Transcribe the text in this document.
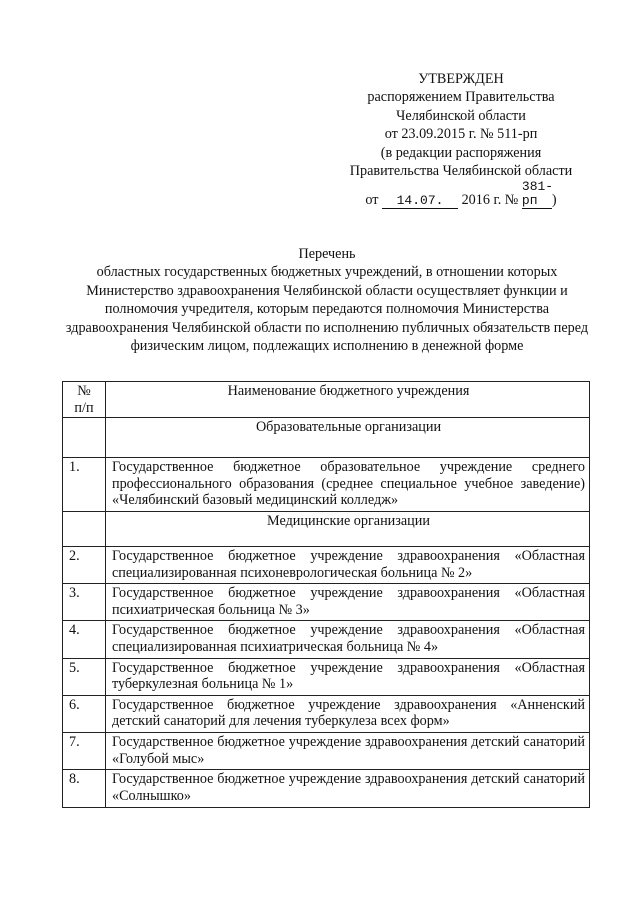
УТВЕРЖДЕН
распоряжением Правительства
Челябинской области
от 23.09.2015 г. № 511-рп
(в редакции распоряжения
Правительства Челябинской области
от 14.07. 2016 г. № 381-рп )
Перечень
областных государственных бюджетных учреждений, в отношении которых Министерство здравоохранения Челябинской области осуществляет функции и полномочия учредителя, которым передаются полномочия Министерства здравоохранения Челябинской области по исполнению публичных обязательств перед физическим лицом, подлежащих исполнению в денежной форме
№
п/п	Наименование бюджетного учреждения
	Образовательные организации
1.	Государственное бюджетное образовательное учреждение среднего профессионального образования (среднее специальное учебное заведение) «Челябинский базовый медицинский колледж»
	Медицинские организации
2.	Государственное бюджетное учреждение здравоохранения «Областная специализированная психоневрологическая больница № 2»
3.	Государственное бюджетное учреждение здравоохранения «Областная психиатрическая больница № 3»
4.	Государственное бюджетное учреждение здравоохранения «Областная специализированная психиатрическая больница № 4»
5.	Государственное бюджетное учреждение здравоохранения «Областная туберкулезная больница № 1»
6.	Государственное бюджетное учреждение здравоохранения «Анненский детский санаторий для лечения туберкулеза всех форм»
7.	Государственное бюджетное учреждение здравоохранения детский санаторий «Голубой мыс»
8.	Государственное бюджетное учреждение здравоохранения детский санаторий «Солнышко»
